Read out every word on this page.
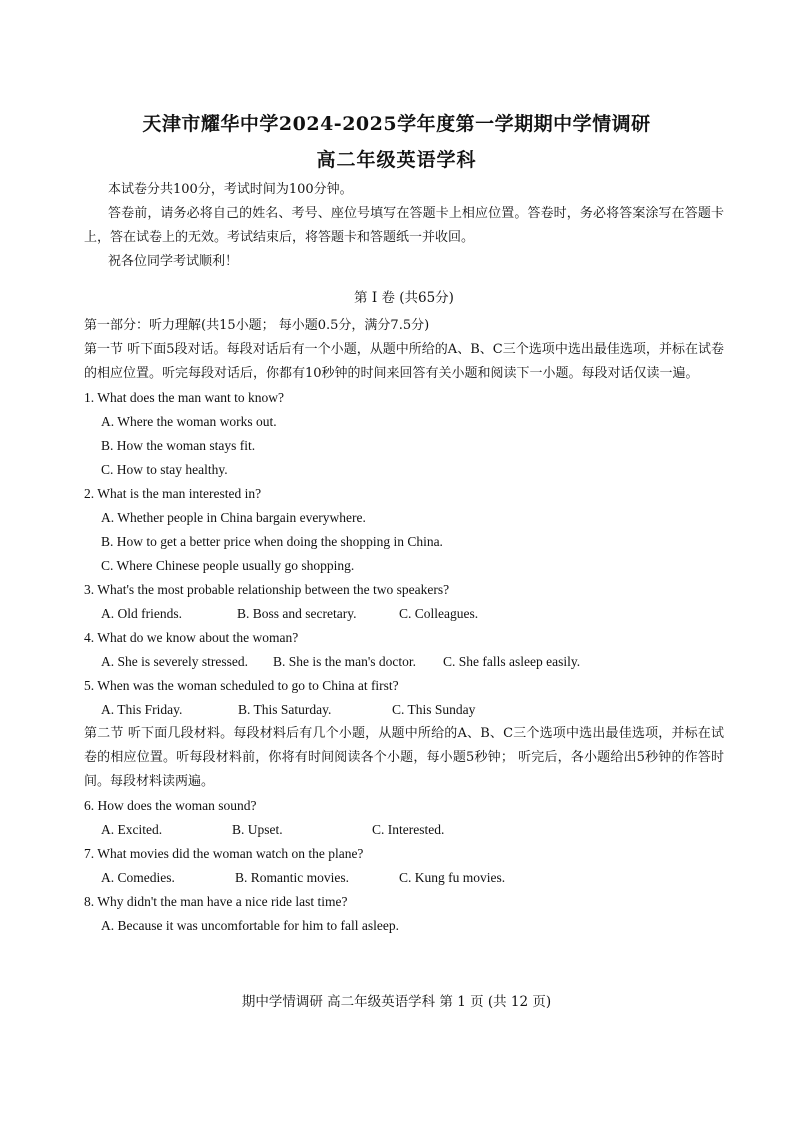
天津市耀华中学2024-2025学年度第一学期期中学情调研
高二年级英语学科

本试卷分共100分，考试时间为100分钟。

答卷前，请务必将自己的姓名、考号、座位号填写在答题卡上相应位置。答卷时，务必将答案涂写在答题卡上，答在试卷上的无效。考试结束后，将答题卡和答题纸一并收回。

祝各位同学考试顺利！

第 Ⅰ 卷 (共65分)

第一部分：听力理解(共15小题； 每小题0.5分，满分7.5分)

第一节 听下面5段对话。每段对话后有一个小题，从题中所给的A、B、C三个选项中选出最佳选项，并标在试卷的相应位置。听完每段对话后，你都有10秒钟的时间来回答有关小题和阅读下一小题。每段对话仅读一遍。

1. What does the man want to know?

A. Where the woman works out.

B. How the woman stays fit.

C. How to stay healthy.

2. What is the man interested in?

A. Whether people in China bargain everywhere.

B. How to get a better price when doing the shopping in China.

C. Where Chinese people usually go shopping.

3. What's the most probable relationship between the two speakers?

A. Old friends.	B. Boss and secretary.	C. Colleagues.

4. What do we know about the woman?

A. She is severely stressed. B. She is the man's doctor. C. She falls asleep easily.

5. When was the woman scheduled to go to China at first?

A. This Friday.	B. This Saturday.	C. This Sunday

第二节 听下面几段材料。每段材料后有几个小题，从题中所给的A、B、C三个选项中选出最佳选项，并标在试卷的相应位置。听每段材料前，你将有时间阅读各个小题，每小题5秒钟； 听完后，各小题给出5秒钟的作答时间。每段材料读两遍。

6. How does the woman sound?

A. Excited.	B. Upset.	C. Interested.

7. What movies did the woman watch on the plane?

A. Comedies.	B. Romantic movies.	C. Kung fu movies.

8. Why didn't the man have a nice ride last time?

A. Because it was uncomfortable for him to fall asleep.

期中学情调研 高二年级英语学科 第 1 页 (共 12 页)
